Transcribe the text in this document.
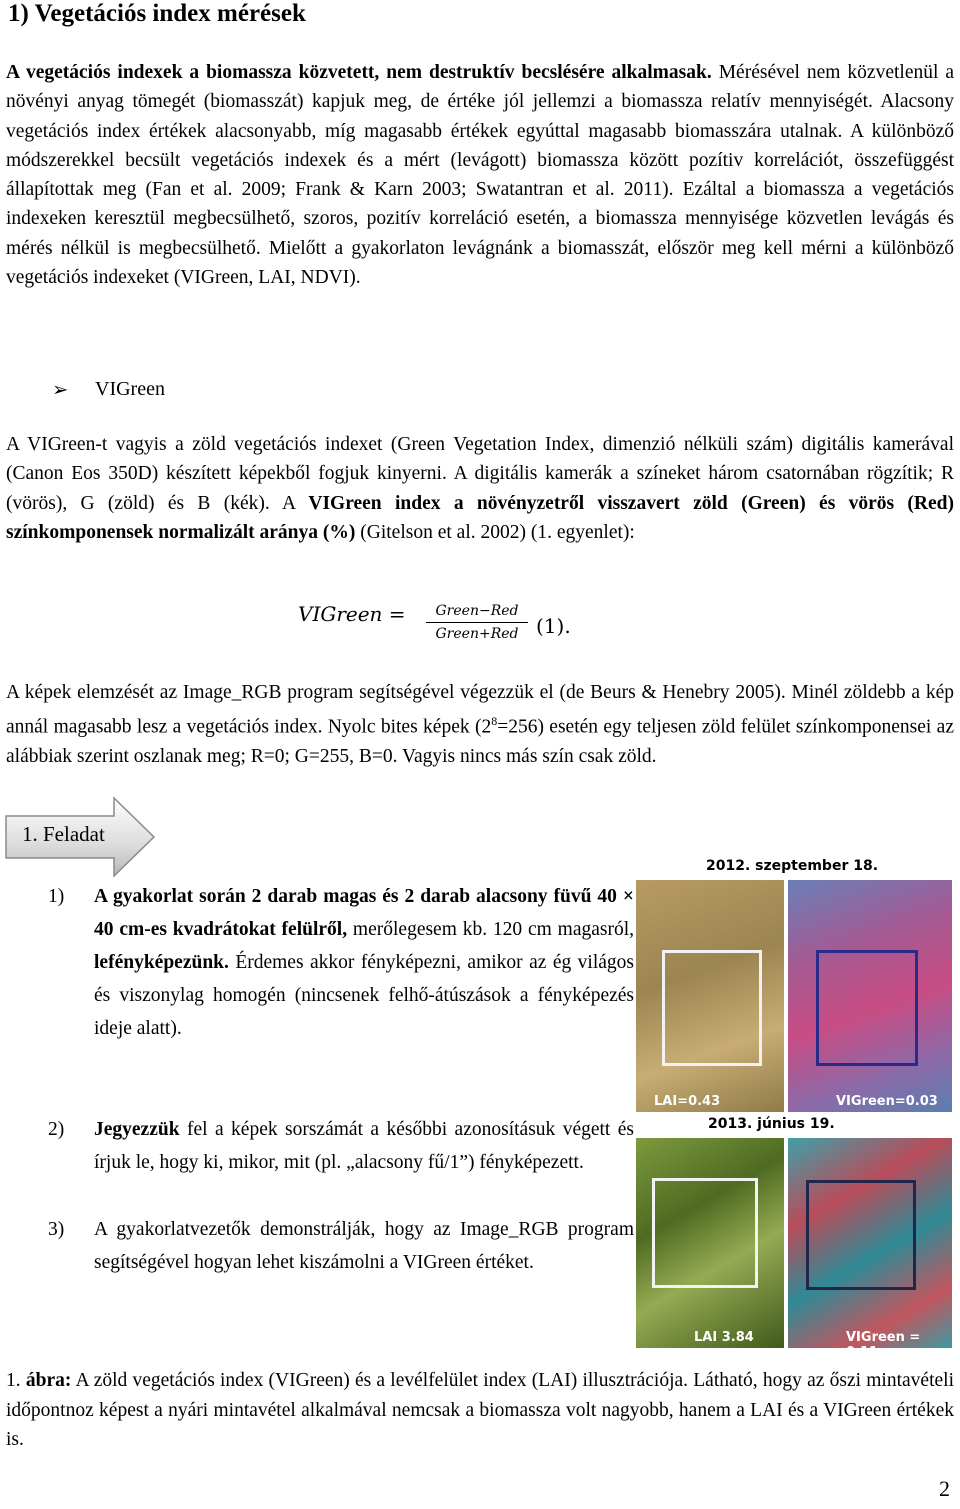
1) Vegetációs index mérések
A vegetációs indexek a biomassza közvetett, nem destruktív becslésére alkalmasak. Mérésével nem közvetlenül a növényi anyag tömegét (biomasszát) kapjuk meg, de értéke jól jellemzi a biomassza relatív mennyiségét. Alacsony vegetációs index értékek alacsonyabb, míg magasabb értékek egyúttal magasabb biomasszára utalnak. A különböző módszerekkel becsült vegetációs indexek és a mért (levágott) biomassza között pozítiv korrelációt, összefüggést állapítottak meg (Fan et al. 2009; Frank & Karn 2003; Swatantran et al. 2011). Ezáltal a biomassza a vegetációs indexeken keresztül megbecsülhető, szoros, pozitív korreláció esetén, a biomassza mennyisége közvetlen levágás és mérés nélkül is megbecsülhető. Mielőtt a gyakorlaton levágnánk a biomasszát, először meg kell mérni a különböző vegetációs indexeket (VIGreen, LAI, NDVI).
➢ VIGreen
A VIGreen-t vagyis a zöld vegetációs indexet (Green Vegetation Index, dimenzió nélküli szám) digitális kamerával (Canon Eos 350D) készített képekből fogjuk kinyerni. A digitális kamerák a színeket három csatornában rögzítik; R (vörös), G (zöld) és B (kék). A VIGreen index a növényzetről visszavert zöld (Green) és vörös (Red) színkomponensek normalizált aránya (%) (Gitelson et al. 2002) (1. egyenlet):
VIGreen =	Green−Red
Green+Red (1).
A képek elemzését az Image_RGB program segítségével végezzük el (de Beurs & Henebry 2005). Minél zöldebb a kép annál magasabb lesz a vegetációs index. Nyolc bites képek $(2^8=256)$ esetén egy teljesen zöld felület színkomponensei az alábbiak szerint oszlanak meg; R=0; G=255, B=0. Vagyis nincs más szín csak zöld.
1. Feladat
1) A gyakorlat során 2 darab magas és 2 darab alacsony füvű 40 × 40 cm-es kvadrátokat felülről, merőlegesem kb. 120 cm magasról, lefényképezünk. Érdemes akkor fényképezni, amikor az ég világos és viszonylag homogén (nincsenek felhő-átúszások a fényképezés ideje alatt).
2) Jegyezzük fel a képek sorszámát a későbbi azonosításuk végett és írjuk le, hogy ki, mikor, mit (pl. „alacsony fű/1”) fényképezett.
3) A gyakorlatvezetők demonstrálják, hogy az Image_RGB program segítségével hogyan lehet kiszámolni a VIGreen értéket.
2012. szeptember 18.
LAI=0.43	VIGreen=0.03
2013. június 19.
LAI 3.84	VIGreen = 0.11
1. ábra: A zöld vegetációs index (VIGreen) és a levélfelület index (LAI) illusztrációja. Látható, hogy az őszi mintavételi időpontnoz képest a nyári mintavétel alkalmával nemcsak a biomassza volt nagyobb, hanem a LAI és a VIGreen értékek is.
2
